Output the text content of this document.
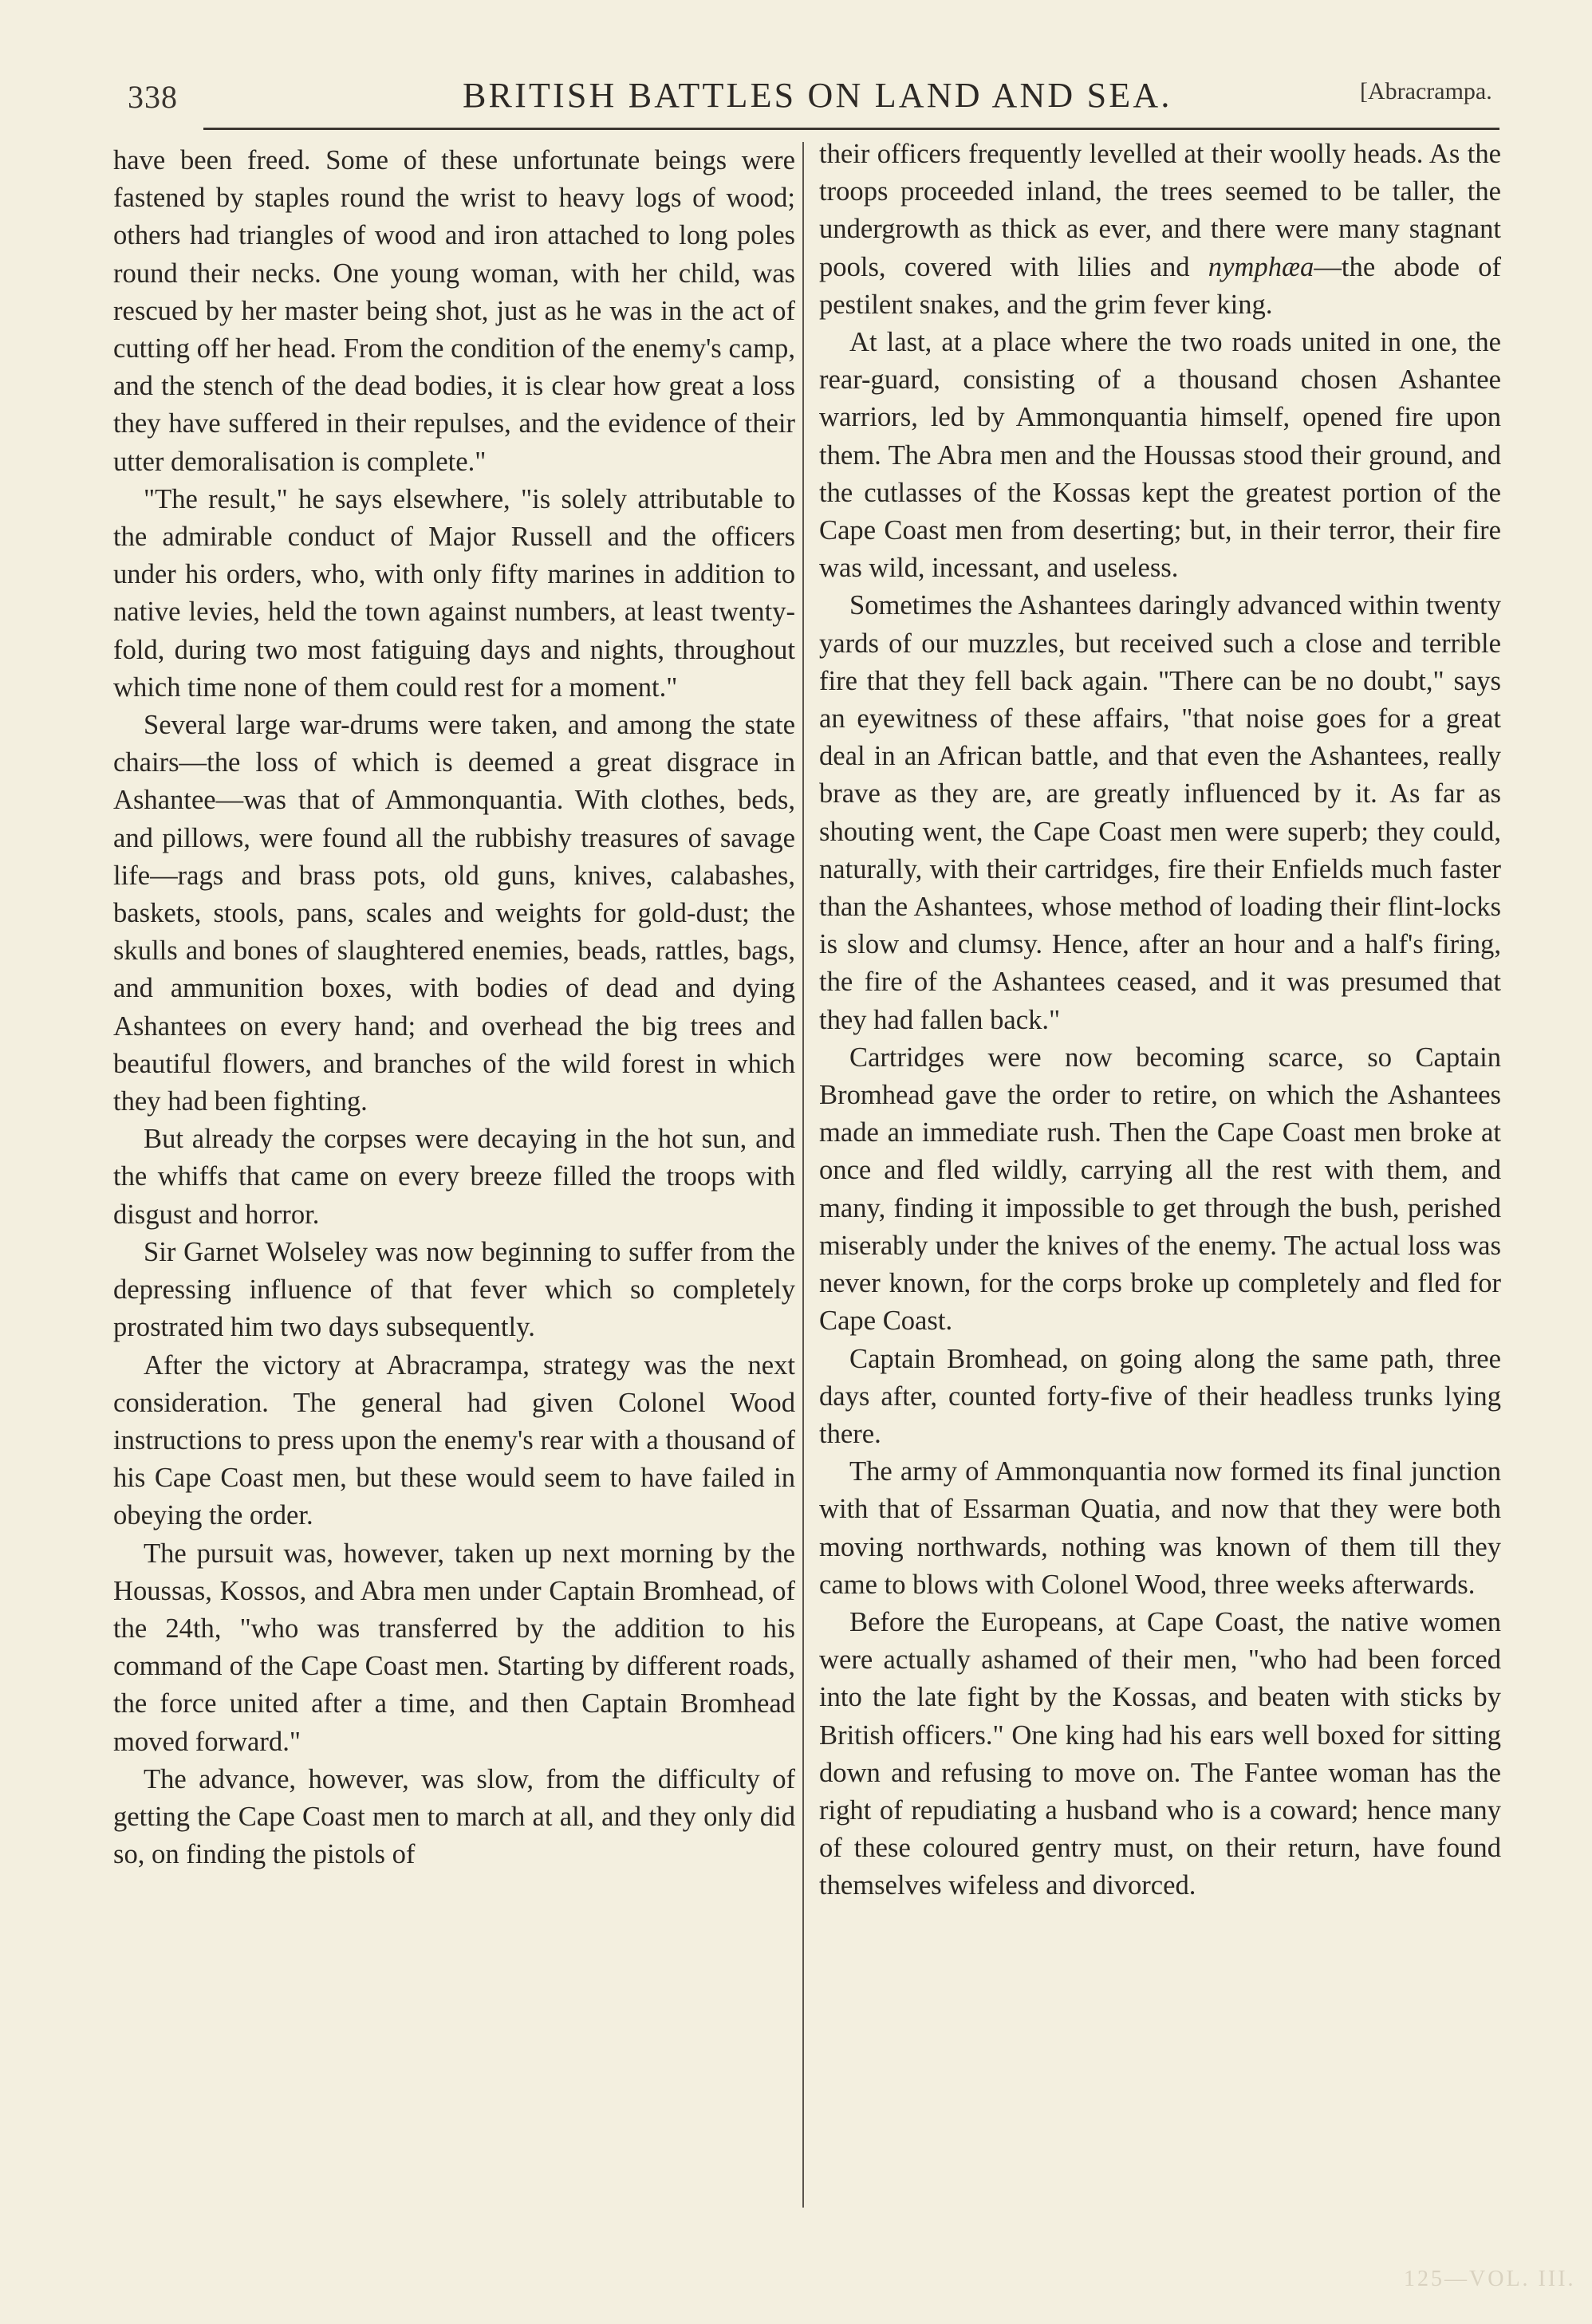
338	BRITISH BATTLES ON LAND AND SEA.	[Abracrampa.

have been freed. Some of these unfortunate beings were fastened by staples round the wrist to heavy logs of wood; others had triangles of wood and iron attached to long poles round their necks. One young woman, with her child, was rescued by her master being shot, just as he was in the act of cutting off her head. From the condition of the enemy's camp, and the stench of the dead bodies, it is clear how great a loss they have suffered in their repulses, and the evidence of their utter demoralisation is complete."

"The result," he says elsewhere, "is solely attributable to the admirable conduct of Major Russell and the officers under his orders, who, with only fifty marines in addition to native levies, held the town against numbers, at least twenty-fold, during two most fatiguing days and nights, throughout which time none of them could rest for a moment."

Several large war-drums were taken, and among the state chairs—the loss of which is deemed a great disgrace in Ashantee—was that of Ammonquantia. With clothes, beds, and pillows, were found all the rubbishy treasures of savage life—rags and brass pots, old guns, knives, calabashes, baskets, stools, pans, scales and weights for gold-dust; the skulls and bones of slaughtered enemies, beads, rattles, bags, and ammunition boxes, with bodies of dead and dying Ashantees on every hand; and overhead the big trees and beautiful flowers, and branches of the wild forest in which they had been fighting.

But already the corpses were decaying in the hot sun, and the whiffs that came on every breeze filled the troops with disgust and horror.

Sir Garnet Wolseley was now beginning to suffer from the depressing influence of that fever which so completely prostrated him two days subsequently.

After the victory at Abracrampa, strategy was the next consideration. The general had given Colonel Wood instructions to press upon the enemy's rear with a thousand of his Cape Coast men, but these would seem to have failed in obeying the order.

The pursuit was, however, taken up next morning by the Houssas, Kossos, and Abra men under Captain Bromhead, of the 24th, "who was transferred by the addition to his command of the Cape Coast men. Starting by different roads, the force united after a time, and then Captain Bromhead moved forward."

The advance, however, was slow, from the difficulty of getting the Cape Coast men to march at all, and they only did so, on finding the pistols of

their officers frequently levelled at their woolly heads. As the troops proceeded inland, the trees seemed to be taller, the undergrowth as thick as ever, and there were many stagnant pools, covered with lilies and nymphæa—the abode of pestilent snakes, and the grim fever king.

At last, at a place where the two roads united in one, the rear-guard, consisting of a thousand chosen Ashantee warriors, led by Ammonquantia himself, opened fire upon them. The Abra men and the Houssas stood their ground, and the cutlasses of the Kossas kept the greatest portion of the Cape Coast men from deserting; but, in their terror, their fire was wild, incessant, and useless.

Sometimes the Ashantees daringly advanced within twenty yards of our muzzles, but received such a close and terrible fire that they fell back again. "There can be no doubt," says an eyewitness of these affairs, "that noise goes for a great deal in an African battle, and that even the Ashantees, really brave as they are, are greatly influenced by it. As far as shouting went, the Cape Coast men were superb; they could, naturally, with their cartridges, fire their Enfields much faster than the Ashantees, whose method of loading their flint-locks is slow and clumsy. Hence, after an hour and a half's firing, the fire of the Ashantees ceased, and it was presumed that they had fallen back."

Cartridges were now becoming scarce, so Captain Bromhead gave the order to retire, on which the Ashantees made an immediate rush. Then the Cape Coast men broke at once and fled wildly, carrying all the rest with them, and many, finding it impossible to get through the bush, perished miserably under the knives of the enemy. The actual loss was never known, for the corps broke up completely and fled for Cape Coast.

Captain Bromhead, on going along the same path, three days after, counted forty-five of their headless trunks lying there.

The army of Ammonquantia now formed its final junction with that of Essarman Quatia, and now that they were both moving northwards, nothing was known of them till they came to blows with Colonel Wood, three weeks afterwards.

Before the Europeans, at Cape Coast, the native women were actually ashamed of their men, "who had been forced into the late fight by the Kossas, and beaten with sticks by British officers." One king had his ears well boxed for sitting down and refusing to move on. The Fantee woman has the right of repudiating a husband who is a coward; hence many of these coloured gentry must, on their return, have found themselves wifeless and divorced.

125—VOL. III.
